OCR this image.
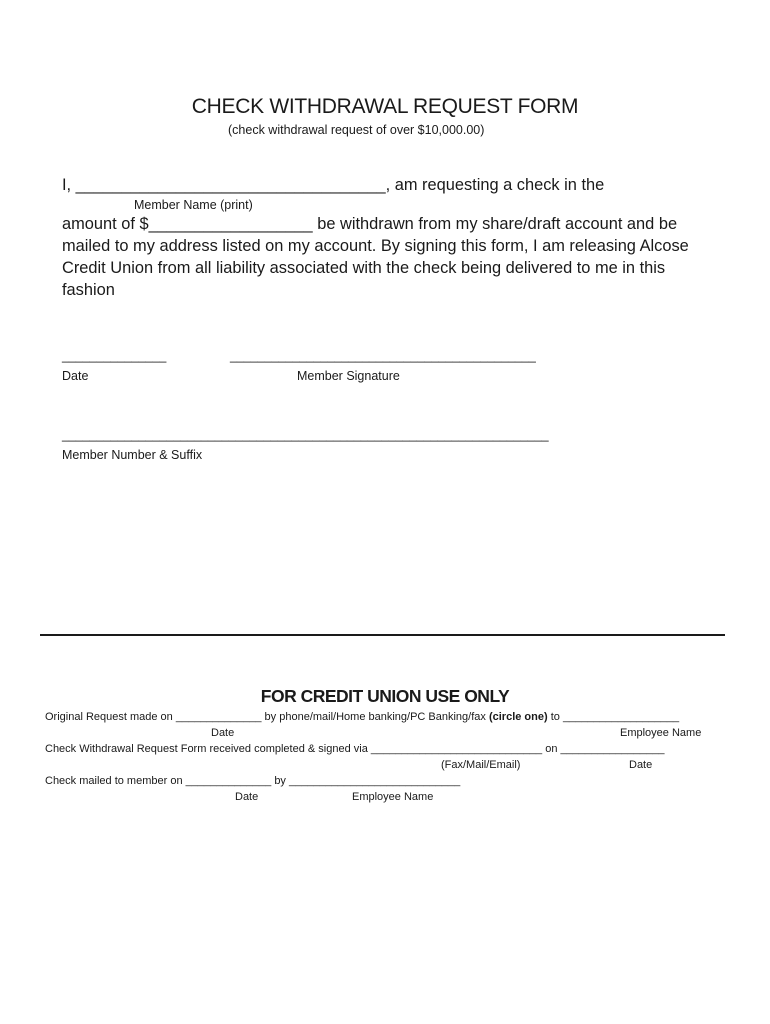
CHECK WITHDRAWAL REQUEST FORM
(check withdrawal request of over $10,000.00)
I, __________________________________, am requesting a check in the
Member Name (print)
amount of $__________________ be withdrawn from my share/draft account and be
mailed to my address listed on my account. By signing this form, I am releasing Alcose
Credit Union from all liability associated with the check being delivered to me in this
fashion
_______________	____________________________________________
Date	Member Signature
______________________________________________________________________
Member Number & Suffix
FOR CREDIT UNION USE ONLY
Original Request made on ______________ by phone/mail/Home banking/PC Banking/fax (circle one) to ___________________
Date	Employee Name
Check Withdrawal Request Form received completed & signed via ____________________________ on _________________
(Fax/Mail/Email)	Date
Check mailed to member on ______________ by ____________________________
Date	Employee Name
